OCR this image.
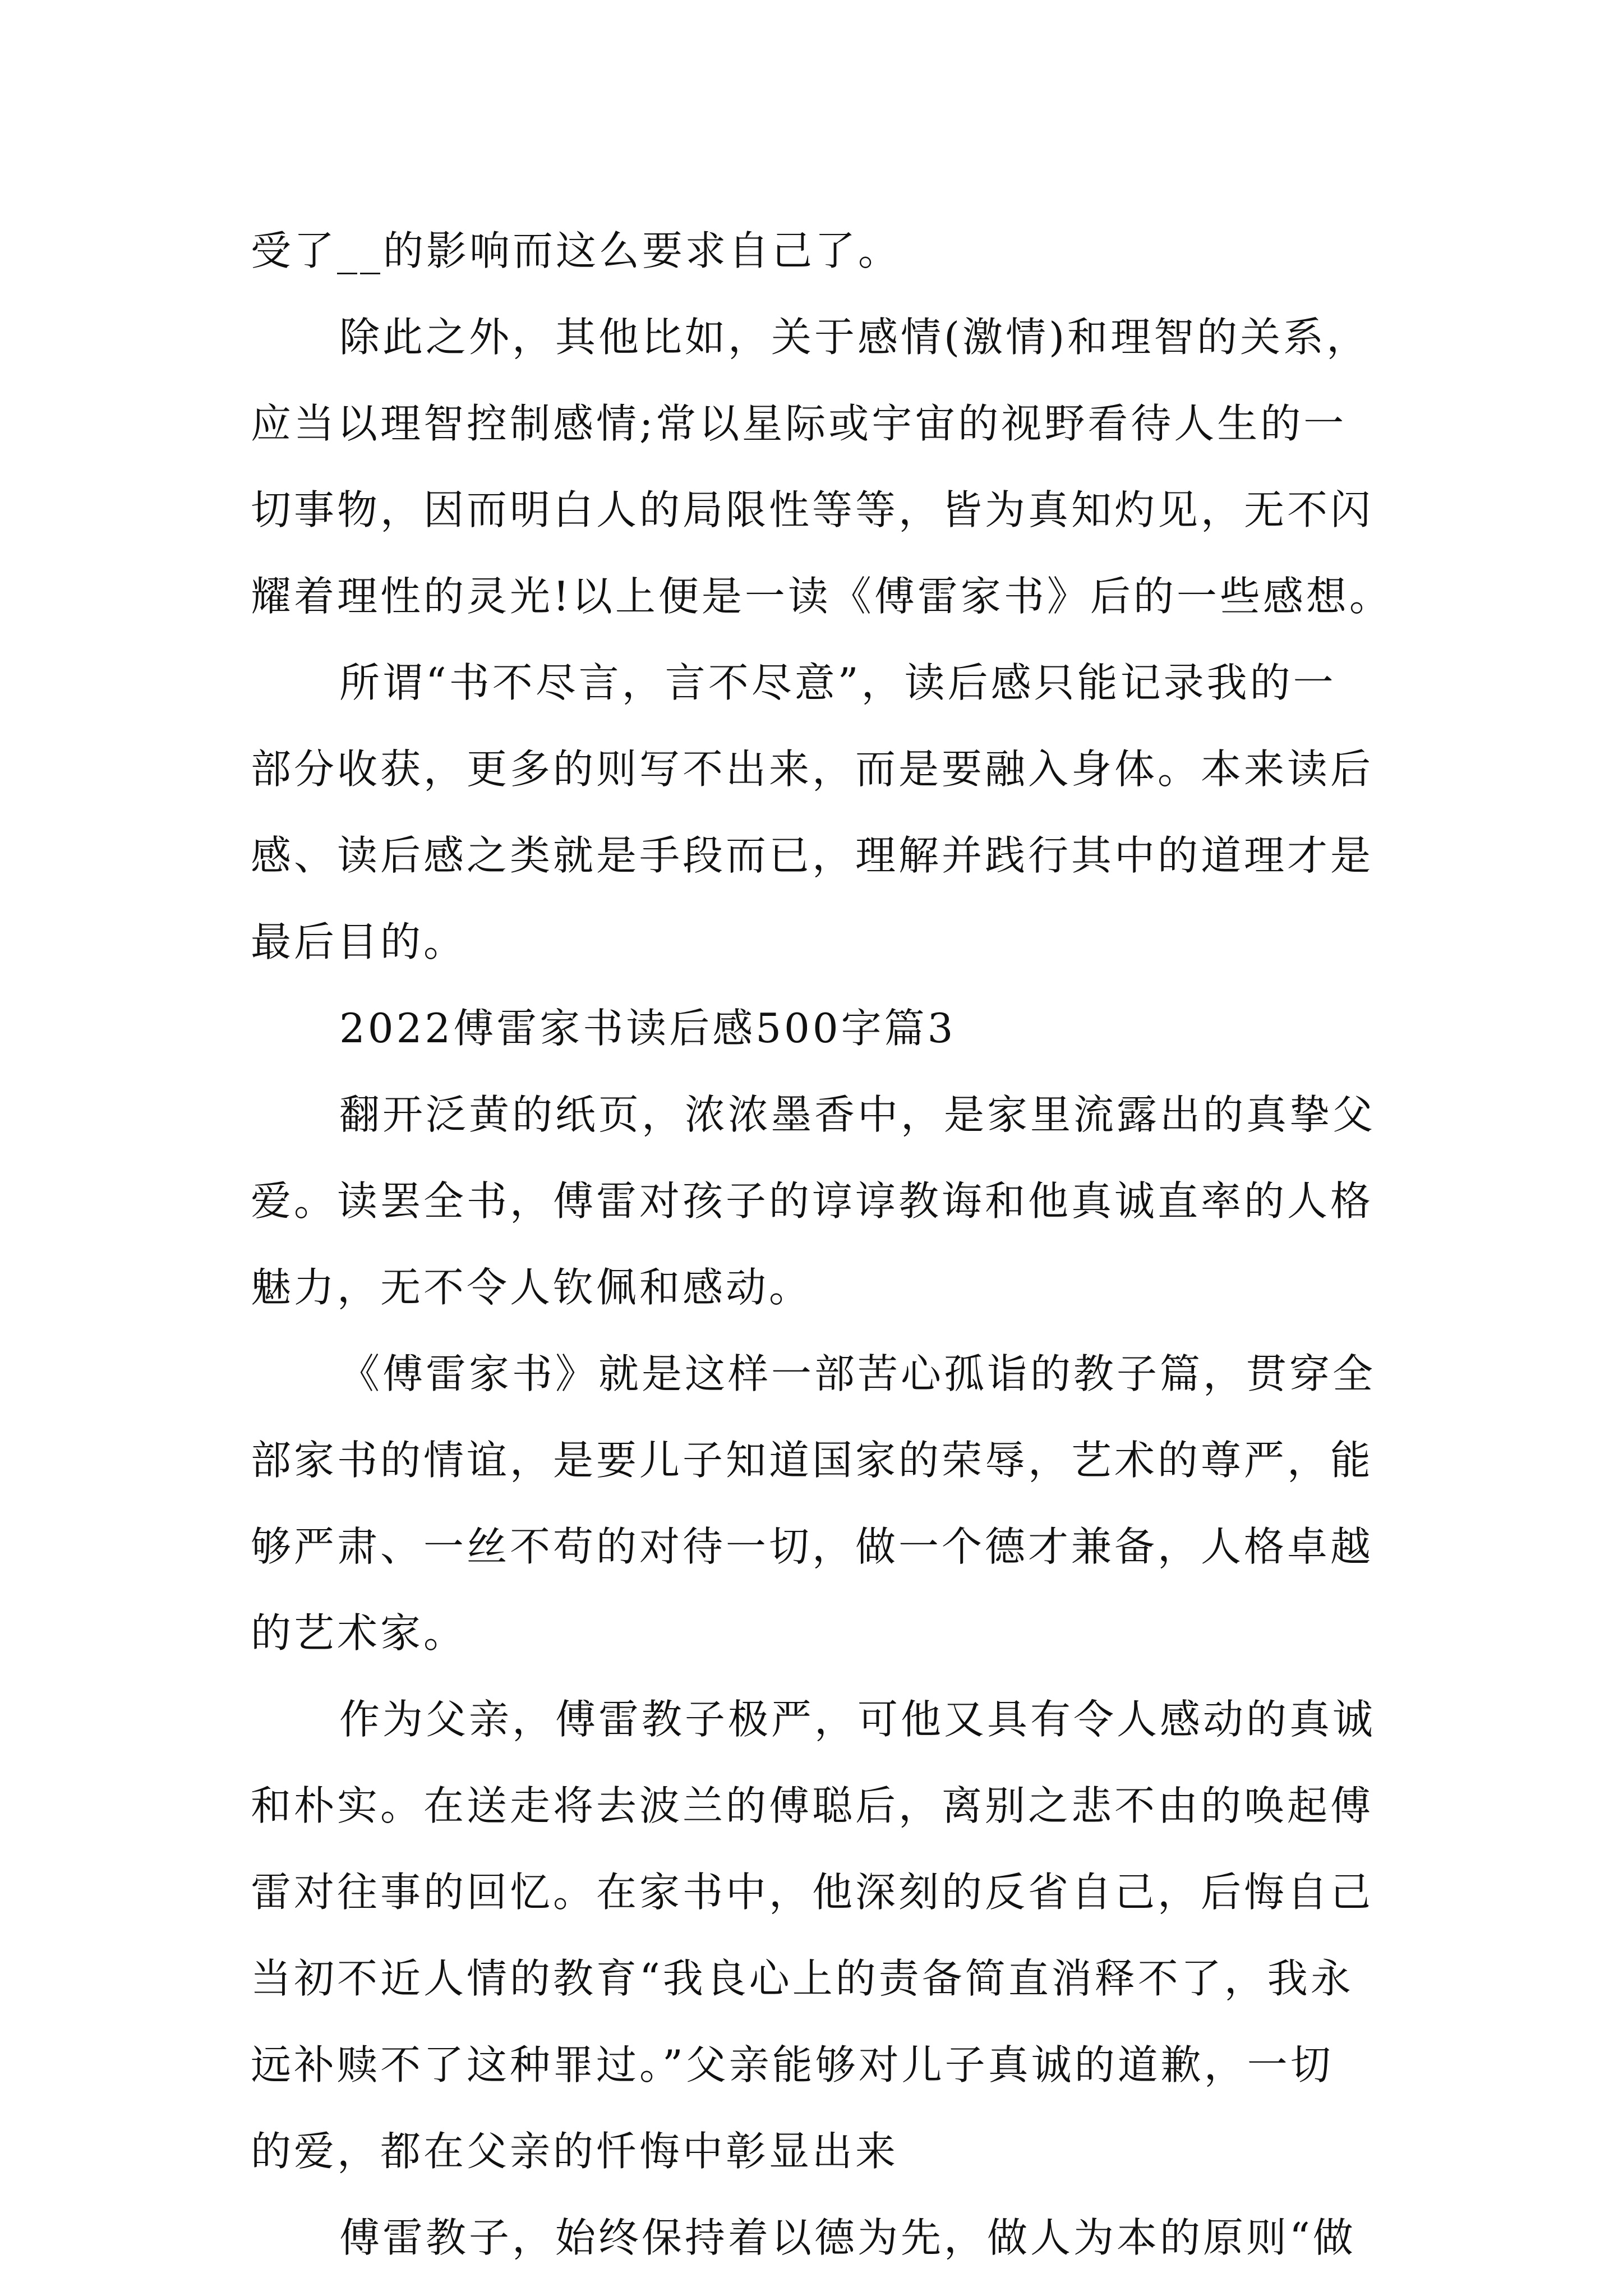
受了__的影响而这么要求自己了。
除此之外，其他比如，关于感情(激情)和理智的关系，
应当以理智控制感情;常以星际或宇宙的视野看待人生的一
切事物，因而明白人的局限性等等，皆为真知灼见，无不闪
耀着理性的灵光!以上便是一读《傅雷家书》后的一些感想。
所谓“书不尽言，言不尽意”，读后感只能记录我的一
部分收获，更多的则写不出来，而是要融入身体。本来读后
感、读后感之类就是手段而已，理解并践行其中的道理才是
最后目的。
2022傅雷家书读后感500字篇3
翻开泛黄的纸页，浓浓墨香中，是家里流露出的真挚父
爱。读罢全书，傅雷对孩子的谆谆教诲和他真诚直率的人格
魅力，无不令人钦佩和感动。
《傅雷家书》就是这样一部苦心孤诣的教子篇，贯穿全
部家书的情谊，是要儿子知道国家的荣辱，艺术的尊严，能
够严肃、一丝不苟的对待一切，做一个德才兼备，人格卓越
的艺术家。
作为父亲，傅雷教子极严，可他又具有令人感动的真诚
和朴实。在送走将去波兰的傅聪后，离别之悲不由的唤起傅
雷对往事的回忆。在家书中，他深刻的反省自己，后悔自己
当初不近人情的教育“我良心上的责备简直消释不了，我永
远补赎不了这种罪过。”父亲能够对儿子真诚的道歉，一切
的爱，都在父亲的忏悔中彰显出来
傅雷教子，始终保持着以德为先，做人为本的原则“做
